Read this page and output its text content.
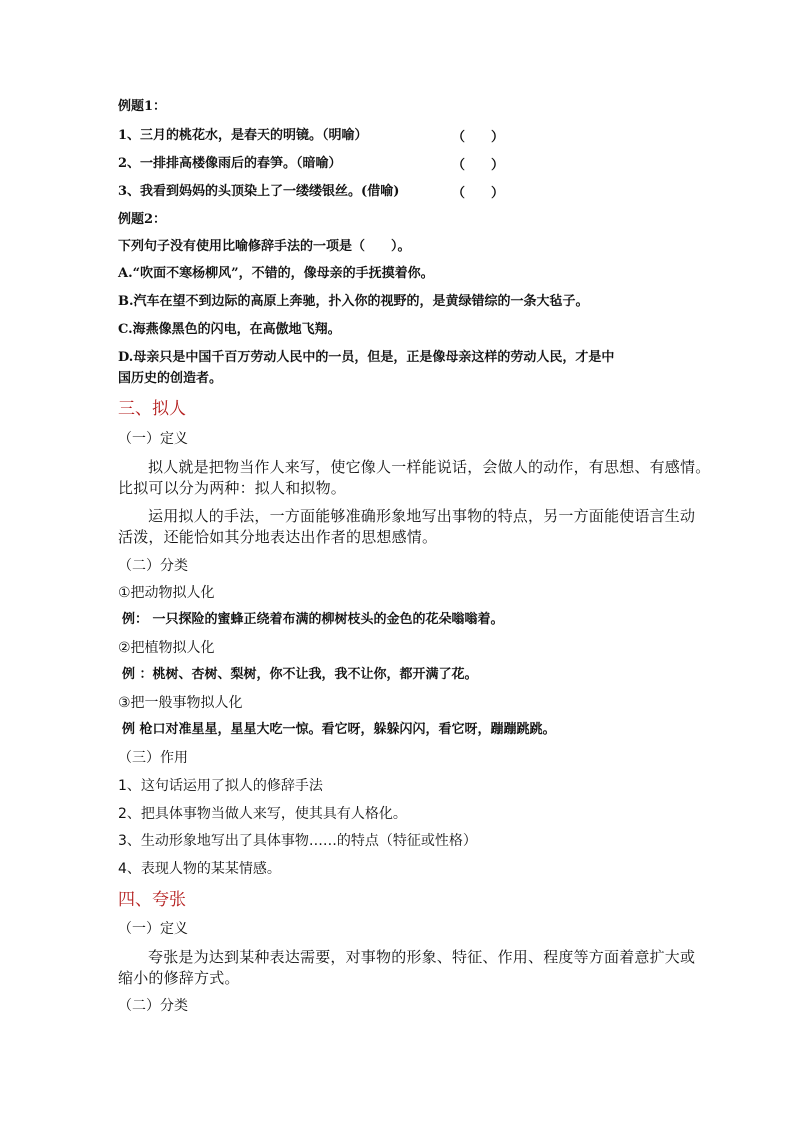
例题1：
1、三月的桃花水，是春天的明镜。（明喻）	（　　）
2、一排排高楼像雨后的春笋。（暗喻）	（　　）
3、我看到妈妈的头顶染上了一缕缕银丝。(借喻)	（　　）
例题2：
下列句子没有使用比喻修辞手法的一项是（　　）。
A.“吹面不寒杨柳风”，不错的，像母亲的手抚摸着你。
B.汽车在望不到边际的高原上奔驰，扑入你的视野的，是黄绿错综的一条大毡子。
C.海燕像黑色的闪电，在高傲地飞翔。
D.母亲只是中国千百万劳动人民中的一员，但是，正是像母亲这样的劳动人民，才是中
国历史的创造者。
三、拟人
（一）定义
拟人就是把物当作人来写，使它像人一样能说话，会做人的动作，有思想、有感情。
比拟可以分为两种：拟人和拟物。
运用拟人的手法，一方面能够准确形象地写出事物的特点，另一方面能使语言生动
活泼，还能恰如其分地表达出作者的思想感情。
（二）分类
①把动物拟人化
例： 一只探险的蜜蜂正绕着布满的柳树枝头的金色的花朵嗡嗡着。
②把植物拟人化
例 ：桃树、杏树、梨树，你不让我，我不让你，都开满了花。
③把一般事物拟人化
例 枪口对准星星，星星大吃一惊。看它呀，躲躲闪闪，看它呀，蹦蹦跳跳。
（三）作用
1、这句话运用了拟人的修辞手法
2、把具体事物当做人来写，使其具有人格化。
3、生动形象地写出了具体事物……的特点（特征或性格）
4、表现人物的某某情感。
四、夸张
（一）定义
夸张是为达到某种表达需要，对事物的形象、特征、作用、程度等方面着意扩大或
缩小的修辞方式。
（二）分类
